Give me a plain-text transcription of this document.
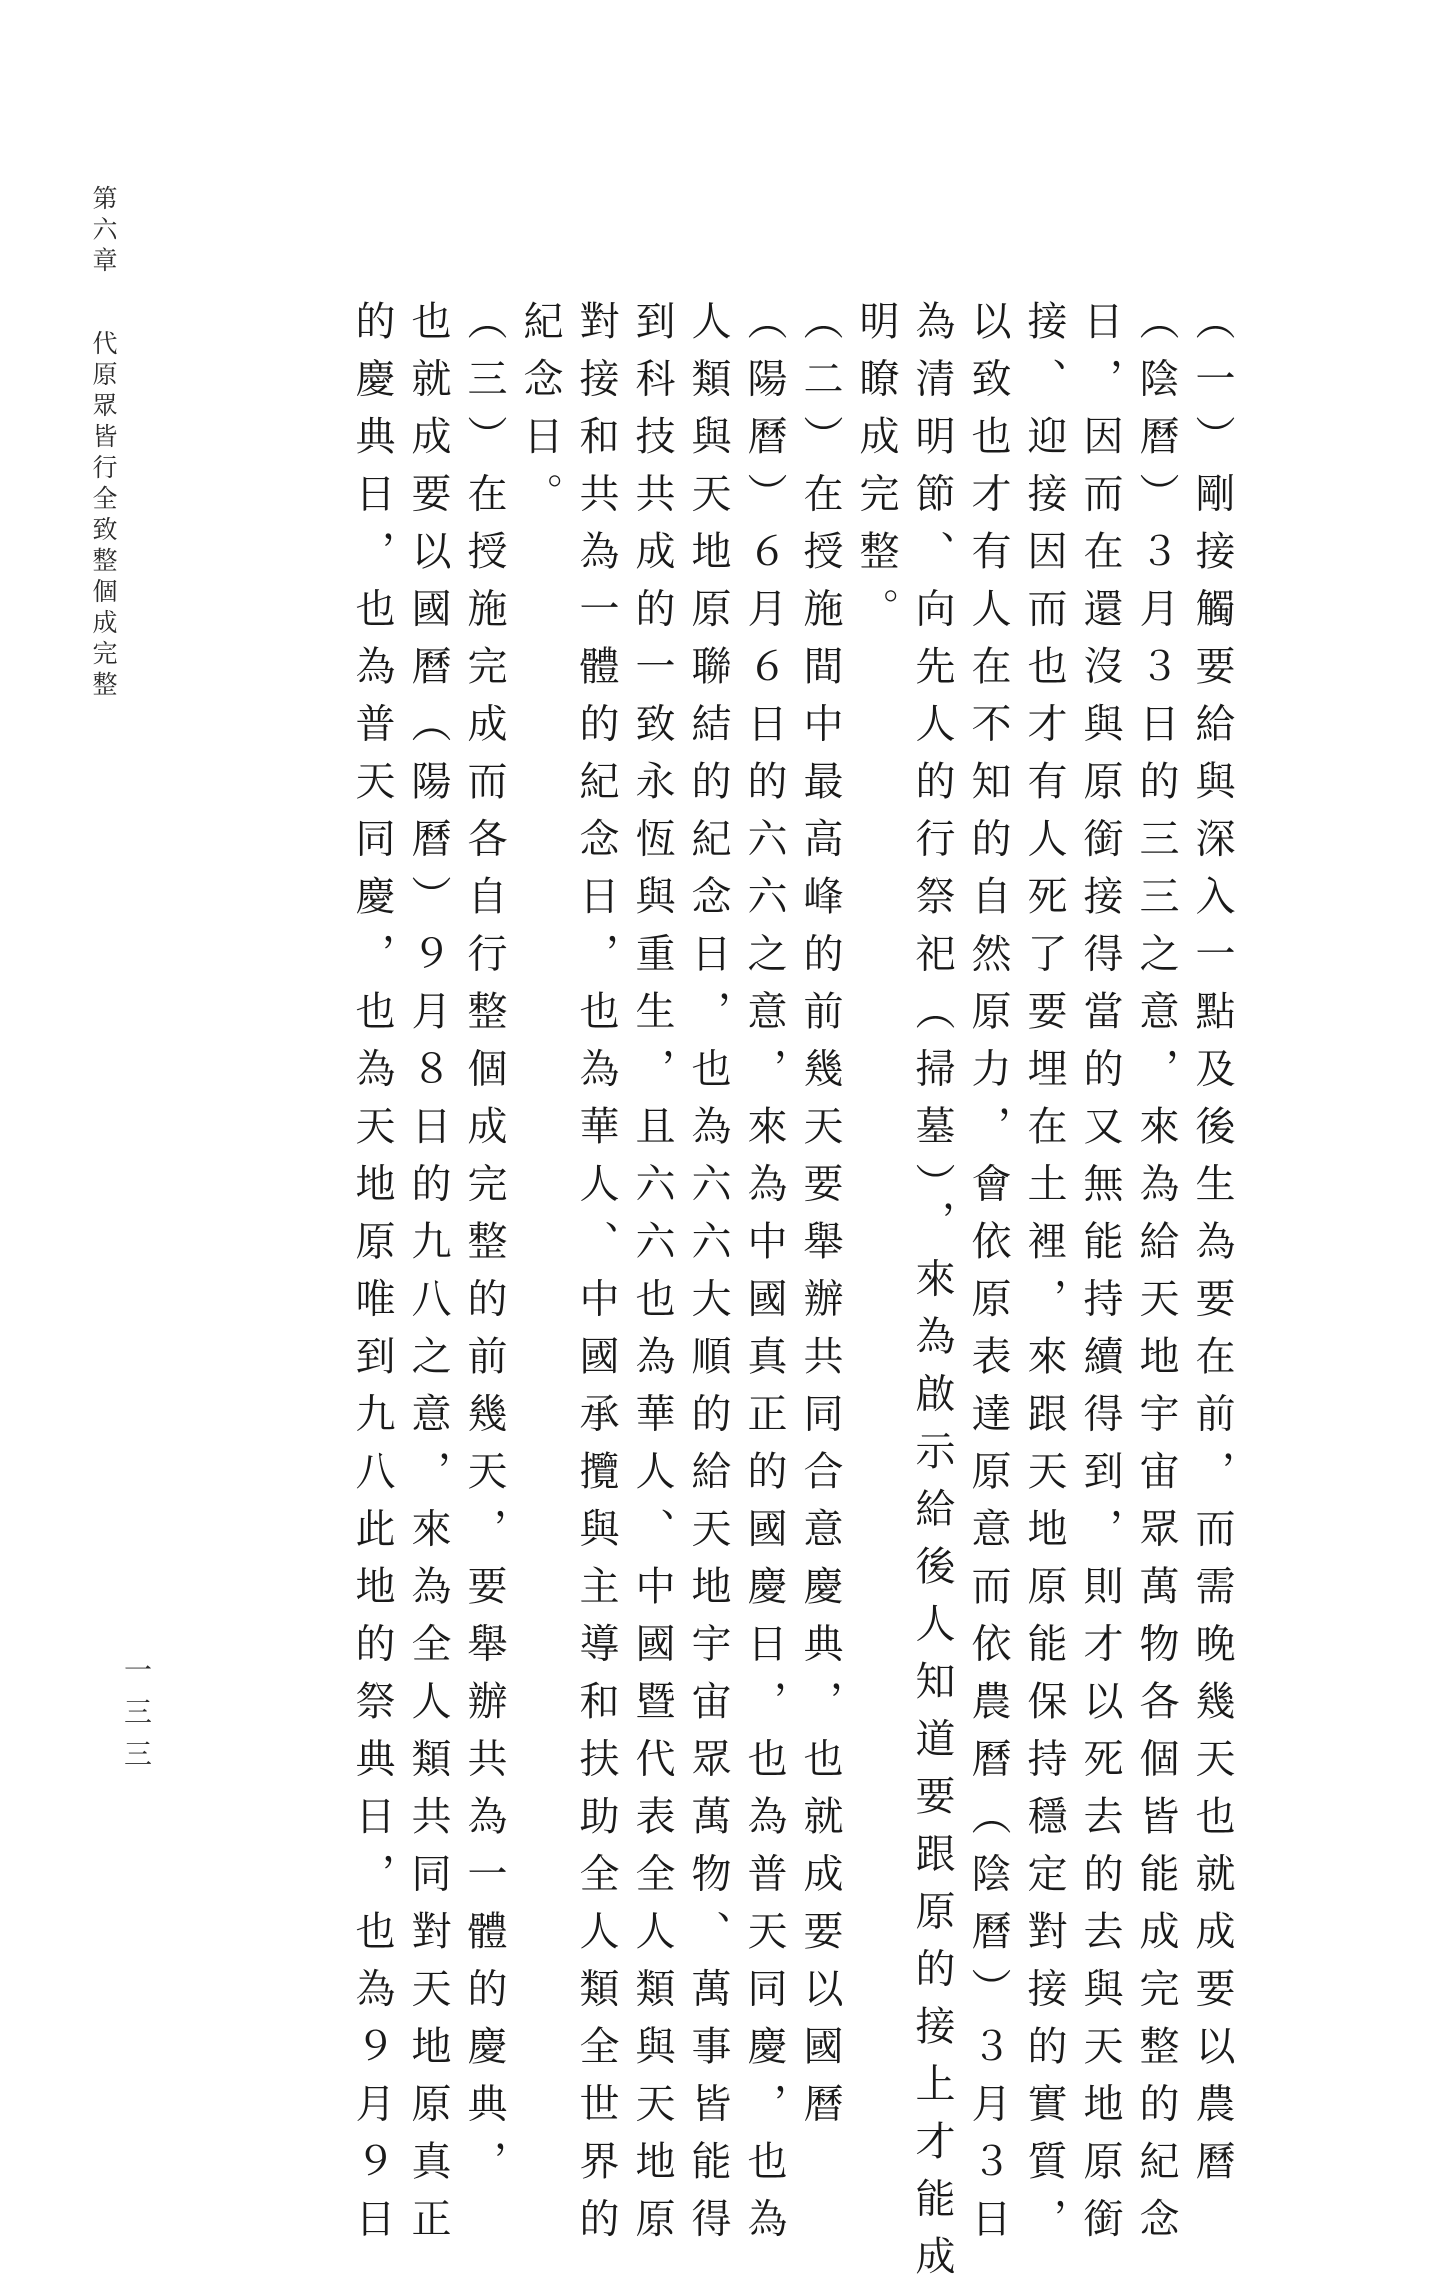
第六章
代原眾皆行全致整個成完整
一三三	（一）剛接觸要給與深入一點及後生為要在前，而需晚幾天也就成要以農曆

（陰曆）３月３日的三三之意，來為給天地宇宙眾萬物各個皆能成完整的紀念

日，因而在還沒與原銜接得當的又無能持續得到，則才以死去的去與天地原銜

接、迎接因而也才有人死了要埋在土裡，來跟天地原能保持穩定對接的實質，

以致也才有人在不知的自然原力，會依原表達原意而依農曆（陰曆）３月３日

為清明節、向先人的行祭祀（掃墓），來為啟示給後人知道要跟原的接上才能成

明瞭成完整。

（二）在授施間中最高峰的前幾天要舉辦共同合意慶典，也就成要以國曆

（陽曆）６月６日的六六之意，來為中國真正的國慶日，也為普天同慶，也為

人類與天地原聯結的紀念日，也為六六大順的給天地宇宙眾萬物、萬事皆能得

到科技共成的一致永恆與重生，且六六也為華人、中國暨代表全人類與天地原

對接和共為一體的紀念日，也為華人、中國承攬與主導和扶助全人類全世界的

紀念日。

（三）在授施完成而各自行整個成完整的前幾天，要舉辦共為一體的慶典，

也就成要以國曆（陽曆）９月８日的九八之意，來為全人類共同對天地原真正

的慶典日，也為普天同慶，也為天地原唯到九八此地的祭典日，也為９月９日
